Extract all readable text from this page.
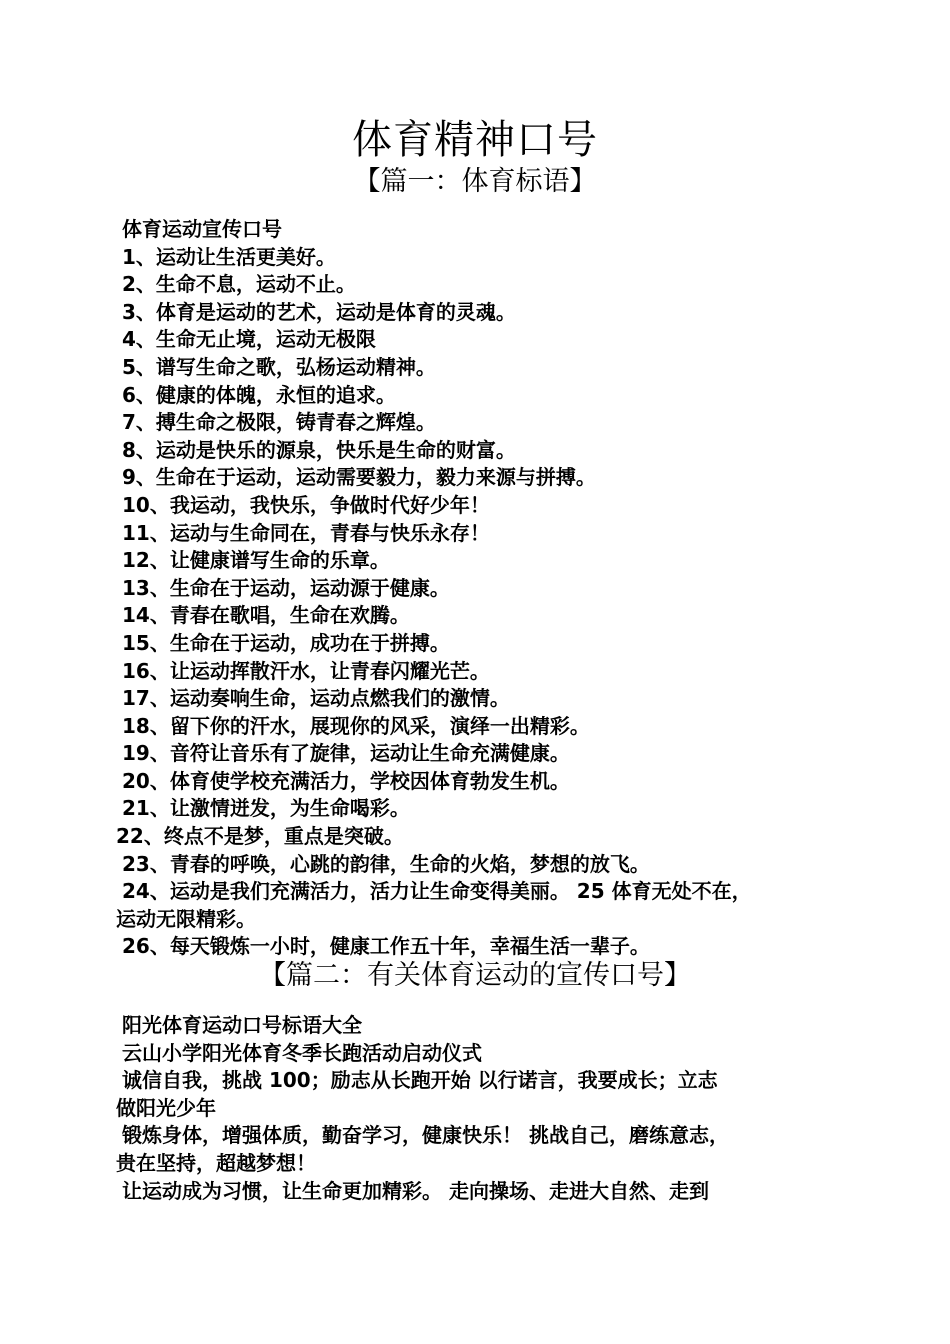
体育精神口号
【篇一：体育标语】
体育运动宣传口号
1、运动让生活更美好。
2、生命不息，运动不止。
3、体育是运动的艺术，运动是体育的灵魂。
4、生命无止境，运动无极限
5、谱写生命之歌，弘杨运动精神。
6、健康的体魄，永恒的追求。
7、搏生命之极限，铸青春之辉煌。
8、运动是快乐的源泉，快乐是生命的财富。
9、生命在于运动，运动需要毅力，毅力来源与拼搏。
10、我运动，我快乐，争做时代好少年！
11、运动与生命同在，青春与快乐永存！
12、让健康谱写生命的乐章。
13、生命在于运动，运动源于健康。
14、青春在歌唱，生命在欢腾。
15、生命在于运动，成功在于拼搏。
16、让运动挥散汗水，让青春闪耀光芒。
17、运动奏响生命，运动点燃我们的激情。
18、留下你的汗水，展现你的风采，演绎一出精彩。
19、音符让音乐有了旋律，运动让生命充满健康。
20、体育使学校充满活力，学校因体育勃发生机。
21、让激情迸发，为生命喝彩。
22、终点不是梦，重点是突破。
23、青春的呼唤，心跳的韵律，生命的火焰，梦想的放飞。
24、运动是我们充满活力，活力让生命变得美丽。 25 体育无处不在，
运动无限精彩。
26、每天锻炼一小时，健康工作五十年，幸福生活一辈子。
【篇二：有关体育运动的宣传口号】
阳光体育运动口号标语大全
云山小学阳光体育冬季长跑活动启动仪式
诚信自我，挑战 100；励志从长跑开始 以行诺言，我要成长；立志
做阳光少年
锻炼身体，增强体质，勤奋学习，健康快乐！ 挑战自己，磨练意志，
贵在坚持，超越梦想！
让运动成为习惯，让生命更加精彩。 走向操场、走进大自然、走到
